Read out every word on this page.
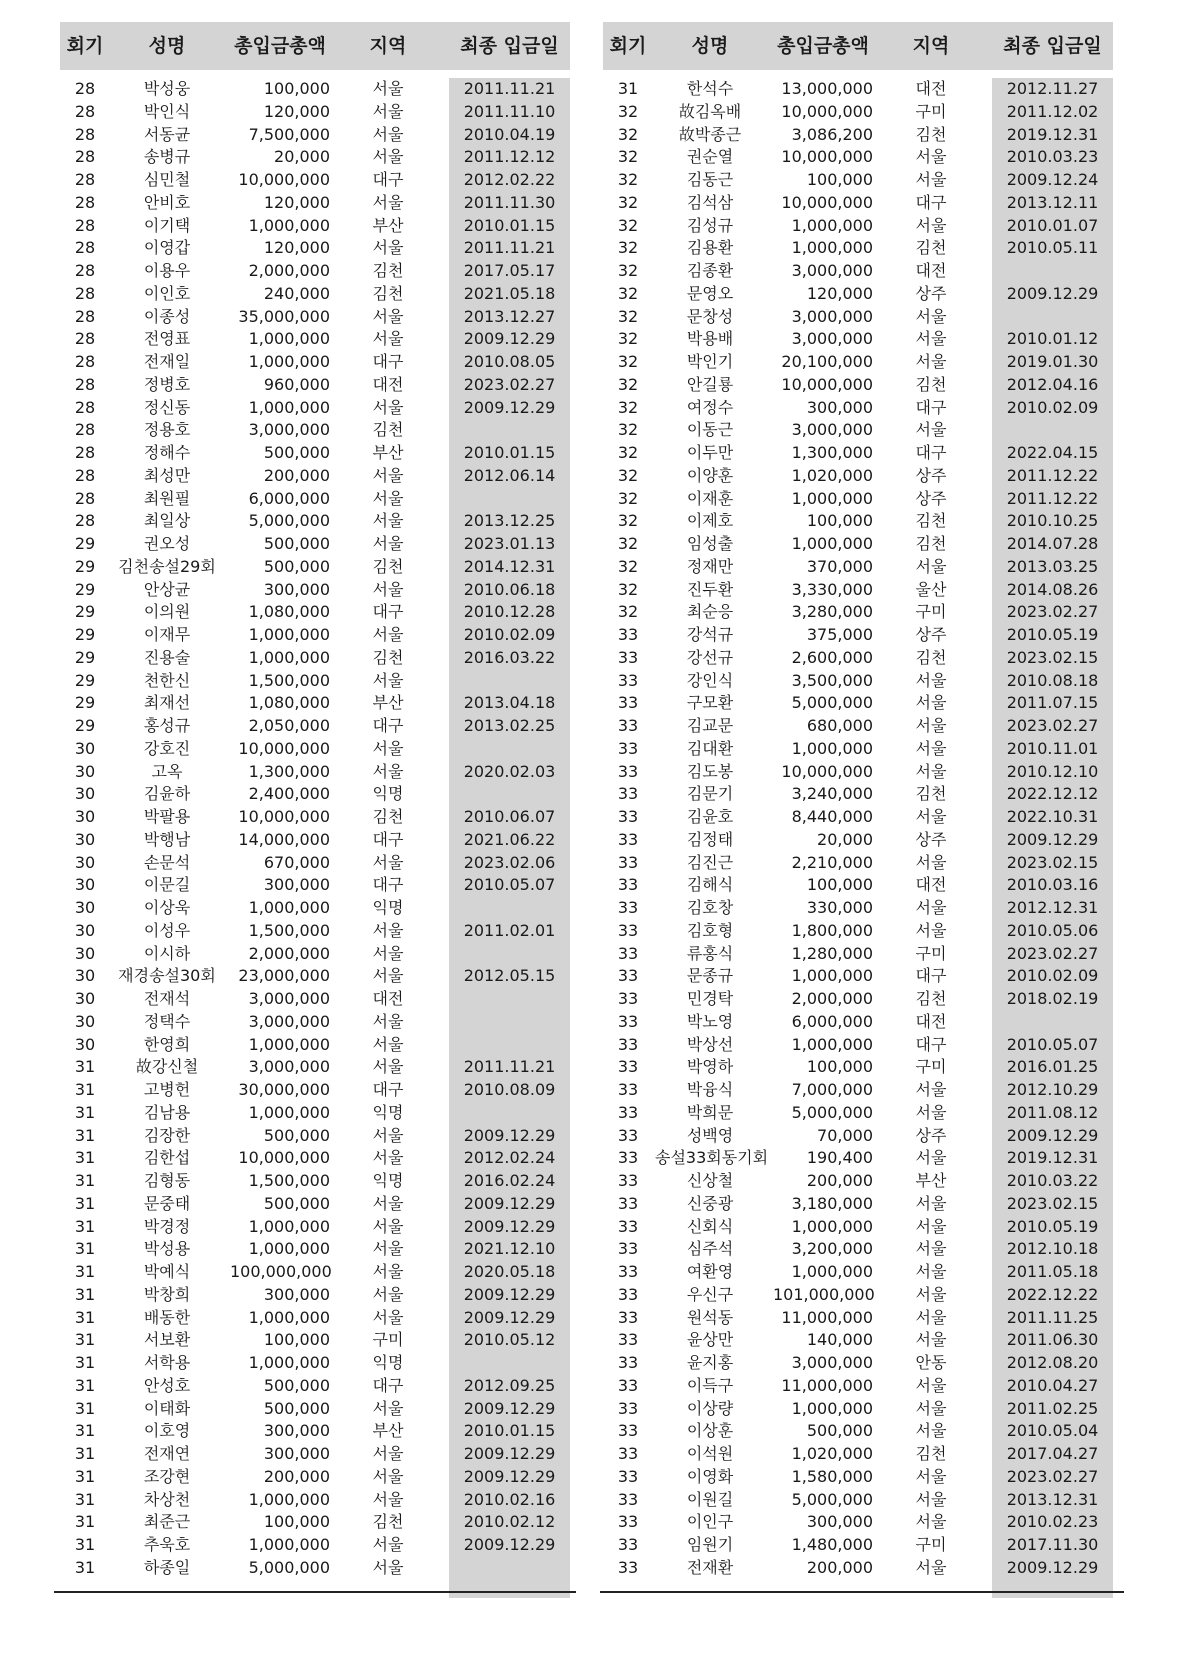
회기	성명	총입금총액	지역	최종 입금일
28	박성웅	100,000	서울	2011.11.21
28	박인식	120,000	서울	2011.11.10
28	서동균	7,500,000	서울	2010.04.19
28	송병규	20,000	서울	2011.12.12
28	심민철	10,000,000	대구	2012.02.22
28	안비호	120,000	서울	2011.11.30
28	이기택	1,000,000	부산	2010.01.15
28	이영갑	120,000	서울	2011.11.21
28	이용우	2,000,000	김천	2017.05.17
28	이인호	240,000	김천	2021.05.18
28	이종성	35,000,000	서울	2013.12.27
28	전영표	1,000,000	서울	2009.12.29
28	전재일	1,000,000	대구	2010.08.05
28	정병호	960,000	대전	2023.02.27
28	정신동	1,000,000	서울	2009.12.29
28	정용호	3,000,000	김천
28	정해수	500,000	부산	2010.01.15
28	최성만	200,000	서울	2012.06.14
28	최원필	6,000,000	서울
28	최일상	5,000,000	서울	2013.12.25
29	권오성	500,000	서울	2023.01.13
29	김천송설29회	500,000	김천	2014.12.31
29	안상균	300,000	서울	2010.06.18
29	이의원	1,080,000	대구	2010.12.28
29	이재무	1,000,000	서울	2010.02.09
29	진용술	1,000,000	김천	2016.03.22
29	천한신	1,500,000	서울
29	최재선	1,080,000	부산	2013.04.18
29	홍성규	2,050,000	대구	2013.02.25
30	강호진	10,000,000	서울
30	고옥	1,300,000	서울	2020.02.03
30	김윤하	2,400,000	익명
30	박팔용	10,000,000	김천	2010.06.07
30	박행남	14,000,000	대구	2021.06.22
30	손문석	670,000	서울	2023.02.06
30	이문길	300,000	대구	2010.05.07
30	이상욱	1,000,000	익명
30	이성우	1,500,000	서울	2011.02.01
30	이시하	2,000,000	서울
30	재경송설30회	23,000,000	서울	2012.05.15
30	전재석	3,000,000	대전
30	정택수	3,000,000	서울
30	한영희	1,000,000	서울
31	故강신철	3,000,000	서울	2011.11.21
31	고병헌	30,000,000	대구	2010.08.09
31	김남용	1,000,000	익명
31	김장한	500,000	서울	2009.12.29
31	김한섭	10,000,000	서울	2012.02.24
31	김형동	1,500,000	익명	2016.02.24
31	문중태	500,000	서울	2009.12.29
31	박경정	1,000,000	서울	2009.12.29
31	박성용	1,000,000	서울	2021.12.10
31	박예식	100,000,000	서울	2020.05.18
31	박창희	300,000	서울	2009.12.29
31	배동한	1,000,000	서울	2009.12.29
31	서보환	100,000	구미	2010.05.12
31	서학용	1,000,000	익명
31	안성호	500,000	대구	2012.09.25
31	이태화	500,000	서울	2009.12.29
31	이호영	300,000	부산	2010.01.15
31	전재연	300,000	서울	2009.12.29
31	조강현	200,000	서울	2009.12.29
31	차상천	1,000,000	서울	2010.02.16
31	최준근	100,000	김천	2010.02.12
31	추욱호	1,000,000	서울	2009.12.29
31	하종일	5,000,000	서울
회기	성명	총입금총액	지역	최종 입금일
31	한석수	13,000,000	대전	2012.11.27
32	故김옥배	10,000,000	구미	2011.12.02
32	故박종근	3,086,200	김천	2019.12.31
32	권순열	10,000,000	서울	2010.03.23
32	김동근	100,000	서울	2009.12.24
32	김석삼	10,000,000	대구	2013.12.11
32	김성규	1,000,000	서울	2010.01.07
32	김용환	1,000,000	김천	2010.05.11
32	김종환	3,000,000	대전
32	문영오	120,000	상주	2009.12.29
32	문창성	3,000,000	서울
32	박용배	3,000,000	서울	2010.01.12
32	박인기	20,100,000	서울	2019.01.30
32	안길룡	10,000,000	김천	2012.04.16
32	여정수	300,000	대구	2010.02.09
32	이동근	3,000,000	서울
32	이두만	1,300,000	대구	2022.04.15
32	이양훈	1,020,000	상주	2011.12.22
32	이재훈	1,000,000	상주	2011.12.22
32	이제호	100,000	김천	2010.10.25
32	임성출	1,000,000	김천	2014.07.28
32	정재만	370,000	서울	2013.03.25
32	진두환	3,330,000	울산	2014.08.26
32	최순응	3,280,000	구미	2023.02.27
33	강석규	375,000	상주	2010.05.19
33	강선규	2,600,000	김천	2023.02.15
33	강인식	3,500,000	서울	2010.08.18
33	구모환	5,000,000	서울	2011.07.15
33	김교문	680,000	서울	2023.02.27
33	김대환	1,000,000	서울	2010.11.01
33	김도봉	10,000,000	서울	2010.12.10
33	김문기	3,240,000	김천	2022.12.12
33	김윤호	8,440,000	서울	2022.10.31
33	김정태	20,000	상주	2009.12.29
33	김진근	2,210,000	서울	2023.02.15
33	김해식	100,000	대전	2010.03.16
33	김호창	330,000	서울	2012.12.31
33	김호형	1,800,000	서울	2010.05.06
33	류홍식	1,280,000	구미	2023.02.27
33	문종규	1,000,000	대구	2010.02.09
33	민경탁	2,000,000	김천	2018.02.19
33	박노영	6,000,000	대전
33	박상선	1,000,000	대구	2010.05.07
33	박영하	100,000	구미	2016.01.25
33	박융식	7,000,000	서울	2012.10.29
33	박희문	5,000,000	서울	2011.08.12
33	성백영	70,000	상주	2009.12.29
33	송설33회동기회	190,400	서울	2019.12.31
33	신상철	200,000	부산	2010.03.22
33	신중광	3,180,000	서울	2023.02.15
33	신회식	1,000,000	서울	2010.05.19
33	심주석	3,200,000	서울	2012.10.18
33	여환영	1,000,000	서울	2011.05.18
33	우신구	101,000,000	서울	2022.12.22
33	원석동	11,000,000	서울	2011.11.25
33	윤상만	140,000	서울	2011.06.30
33	윤지홍	3,000,000	안동	2012.08.20
33	이득구	11,000,000	서울	2010.04.27
33	이상량	1,000,000	서울	2011.02.25
33	이상훈	500,000	서울	2010.05.04
33	이석원	1,020,000	김천	2017.04.27
33	이영화	1,580,000	서울	2023.02.27
33	이원길	5,000,000	서울	2013.12.31
33	이인구	300,000	서울	2010.02.23
33	임원기	1,480,000	구미	2017.11.30
33	전재환	200,000	서울	2009.12.29
